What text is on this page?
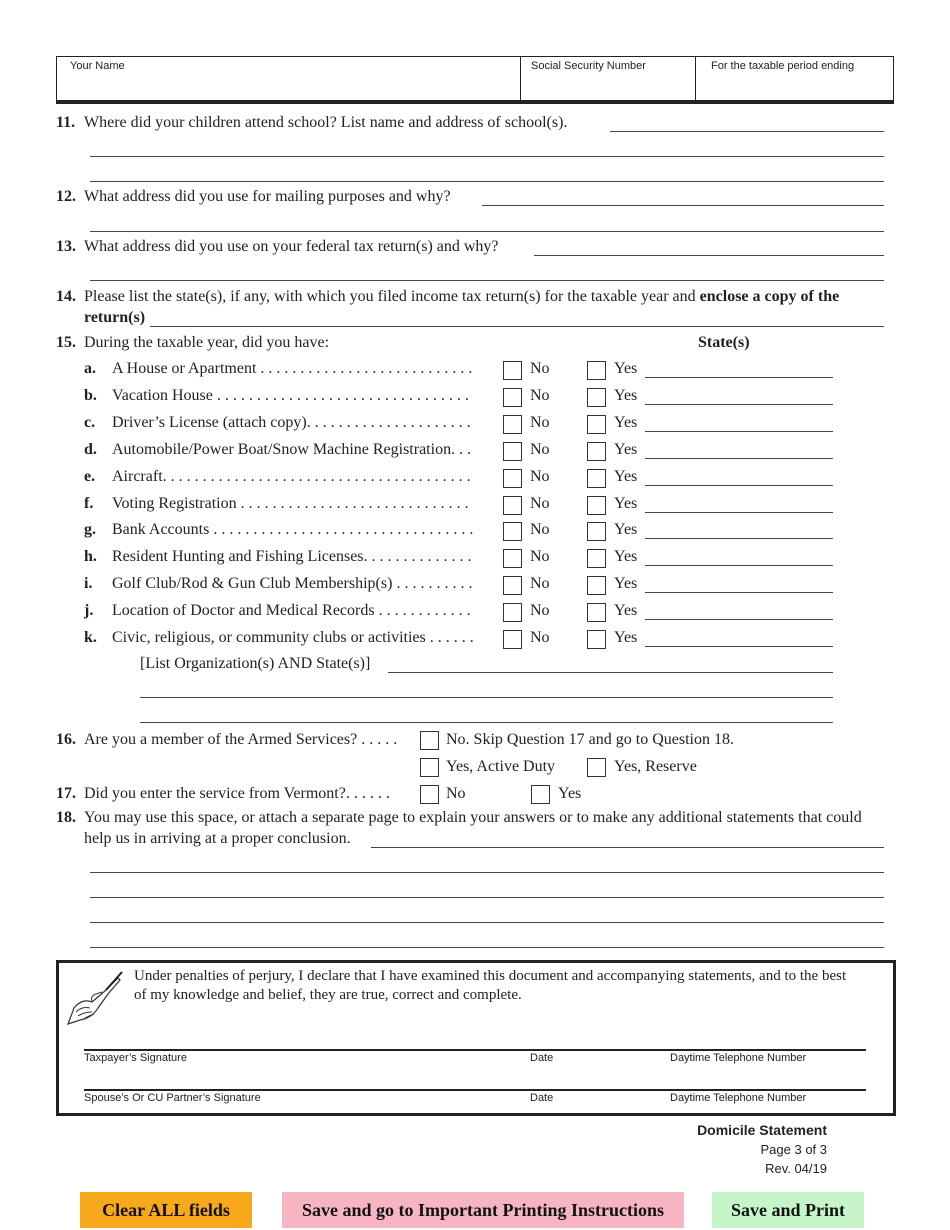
Your Name	Social Security Number	For the taxable period ending
11. Where did your children attend school? List name and address of school(s).
12. What address did you use for mailing purposes and why?
13. What address did you use on your federal tax return(s) and why?
14. Please list the state(s), if any, with which you filed income tax return(s) for the taxable year and enclose a copy of the
return(s)
15. During the taxable year, did you have:	State(s)
a. A House or Apartment . . . . . . . . . . . . . . . . . . . . . . . . . . .	No	Yes
b. Vacation House . . . . . . . . . . . . . . . . . . . . . . . . . . . . . . . .	No	Yes
c. Driver’s License (attach copy). . . . . . . . . . . . . . . . . . . . .	No	Yes
d. Automobile/Power Boat/Snow Machine Registration. . .	No	Yes
e. Aircraft. . . . . . . . . . . . . . . . . . . . . . . . . . . . . . . . . . . . . . .	No	Yes
f. Voting Registration . . . . . . . . . . . . . . . . . . . . . . . . . . . . .	No	Yes
g. Bank Accounts . . . . . . . . . . . . . . . . . . . . . . . . . . . . . . . . .	No	Yes
h. Resident Hunting and Fishing Licenses. . . . . . . . . . . . . .	No	Yes
i. Golf Club/Rod & Gun Club Membership(s) . . . . . . . . . .	No	Yes
j. Location of Doctor and Medical Records . . . . . . . . . . . .	No	Yes
k. Civic, religious, or community clubs or activities . . . . . .	No	Yes
[List Organization(s) AND State(s)]
16. Are you a member of the Armed Services? . . . . .	No. Skip Question 17 and go to Question 18.
Yes, Active Duty	Yes, Reserve
17. Did you enter the service from Vermont?. . . . . .	No	Yes
18. You may use this space, or attach a separate page to explain your answers or to make any additional statements that could
help us in arriving at a proper conclusion.
Under penalties of perjury, I declare that I have examined this document and accompanying statements, and to the best
of my knowledge and belief, they are true, correct and complete.
Taxpayer’s Signature	Date	Daytime Telephone Number
Spouse’s Or CU Partner’s Signature	Date	Daytime Telephone Number
Domicile Statement
Page 3 of 3
Rev. 04/19
Clear ALL fields	Save and go to Important Printing Instructions	Save and Print
